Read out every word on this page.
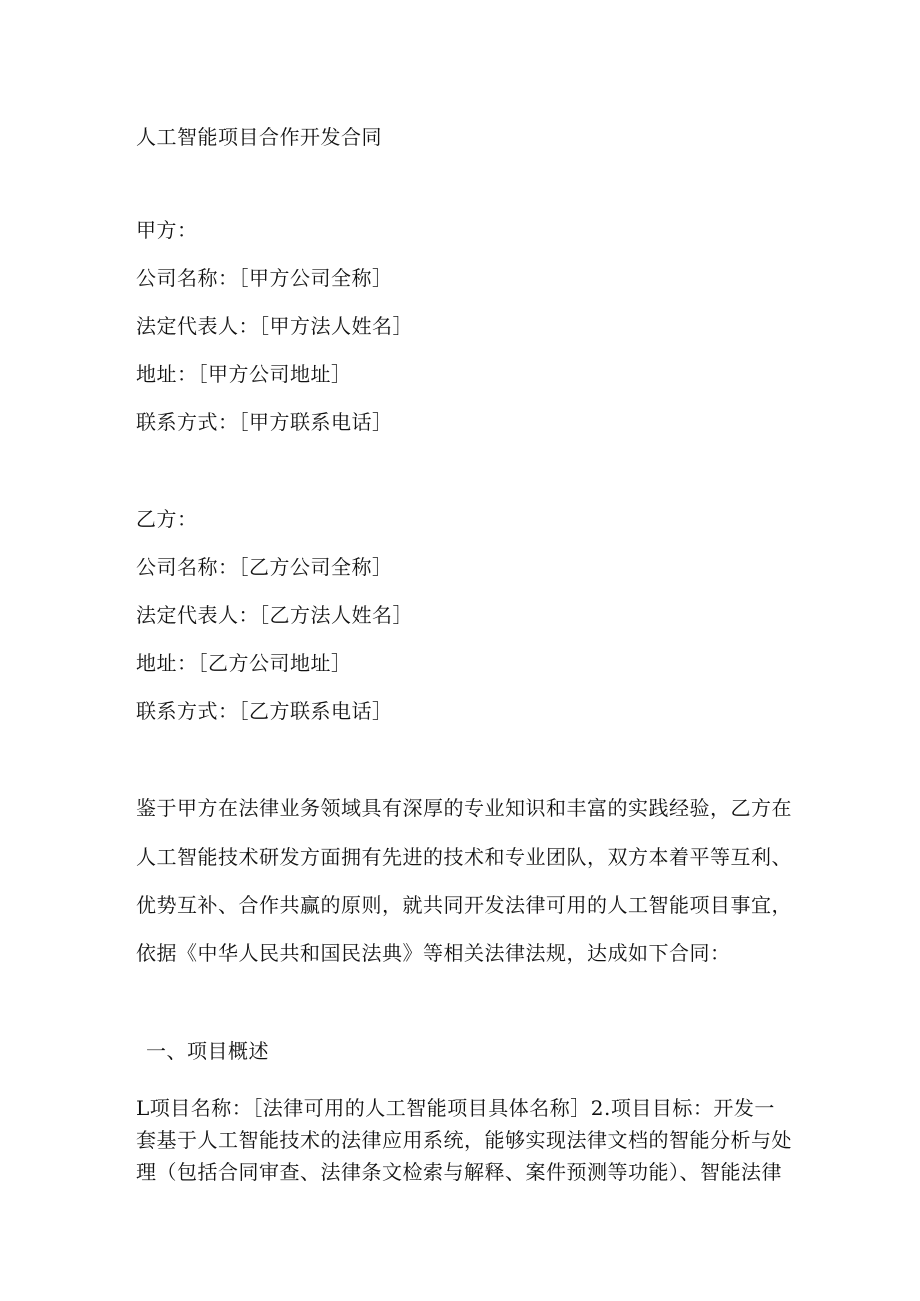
人工智能项目合作开发合同
甲方：
公司名称：［甲方公司全称］
法定代表人：［甲方法人姓名］
地址：［甲方公司地址］
联系方式：［甲方联系电话］
乙方：
公司名称：［乙方公司全称］
法定代表人：［乙方法人姓名］
地址：［乙方公司地址］
联系方式：［乙方联系电话］
鉴于甲方在法律业务领域具有深厚的专业知识和丰富的实践经验，乙方在
人工智能技术研发方面拥有先进的技术和专业团队，双方本着平等互利、
优势互补、合作共赢的原则，就共同开发法律可用的人工智能项目事宜，
依据《中华人民共和国民法典》等相关法律法规，达成如下合同：
一、项目概述
L项目名称：［法律可用的人工智能项目具体名称］2.项目目标：开发一
套基于人工智能技术的法律应用系统，能够实现法律文档的智能分析与处
理（包括合同审查、法律条文检索与解释、案件预测等功能）、智能法律
